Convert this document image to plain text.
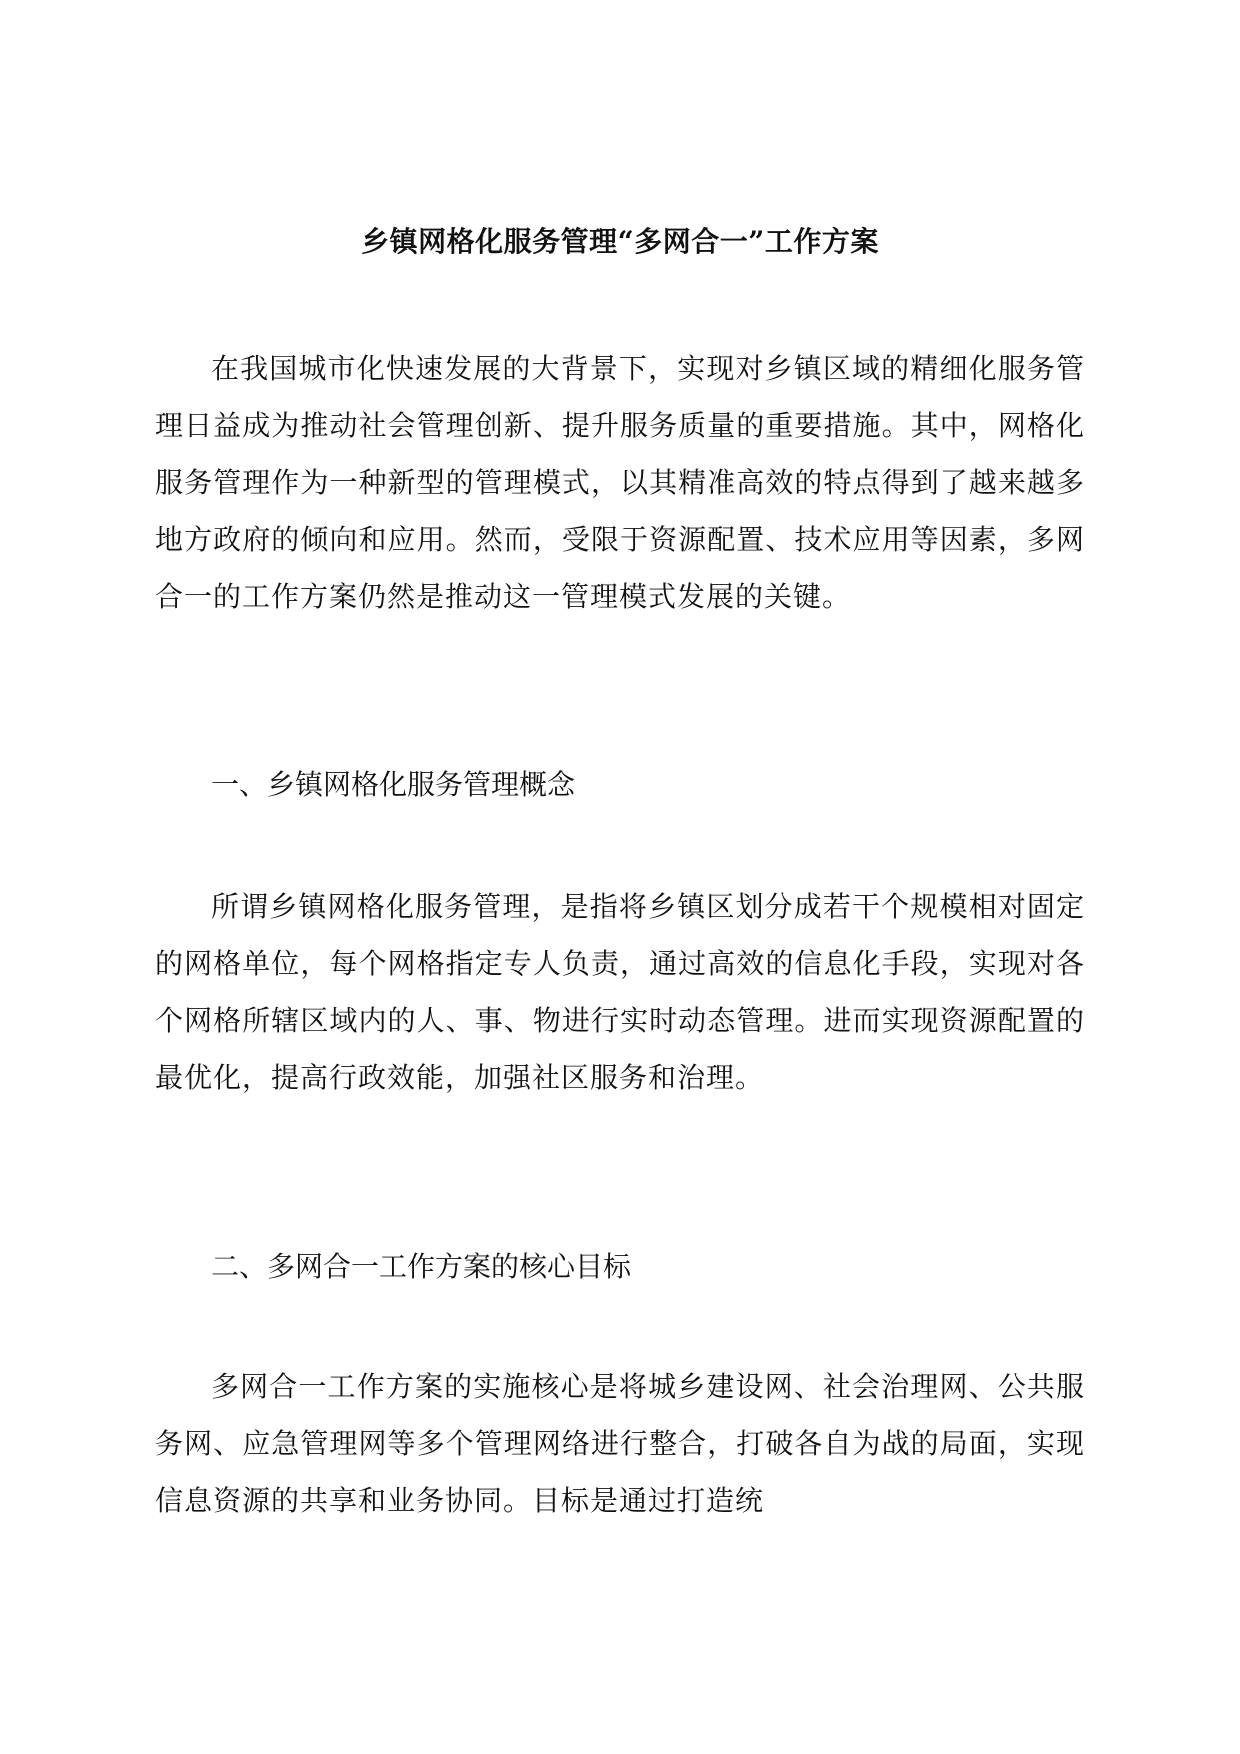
乡镇网格化服务管理“多网合一”工作方案

在我国城市化快速发展的大背景下，实现对乡镇区域的精细化服务管理日益成为推动社会管理创新、提升服务质量的重要措施。其中，网格化服务管理作为一种新型的管理模式，以其精准高效的特点得到了越来越多地方政府的倾向和应用。然而，受限于资源配置、技术应用等因素，多网合一的工作方案仍然是推动这一管理模式发展的关键。

一、乡镇网格化服务管理概念

所谓乡镇网格化服务管理，是指将乡镇区划分成若干个规模相对固定的网格单位，每个网格指定专人负责，通过高效的信息化手段，实现对各个网格所辖区域内的人、事、物进行实时动态管理。进而实现资源配置的最优化，提高行政效能，加强社区服务和治理。

二、多网合一工作方案的核心目标

多网合一工作方案的实施核心是将城乡建设网、社会治理网、公共服务网、应急管理网等多个管理网络进行整合，打破各自为战的局面，实现信息资源的共享和业务协同。目标是通过打造统
